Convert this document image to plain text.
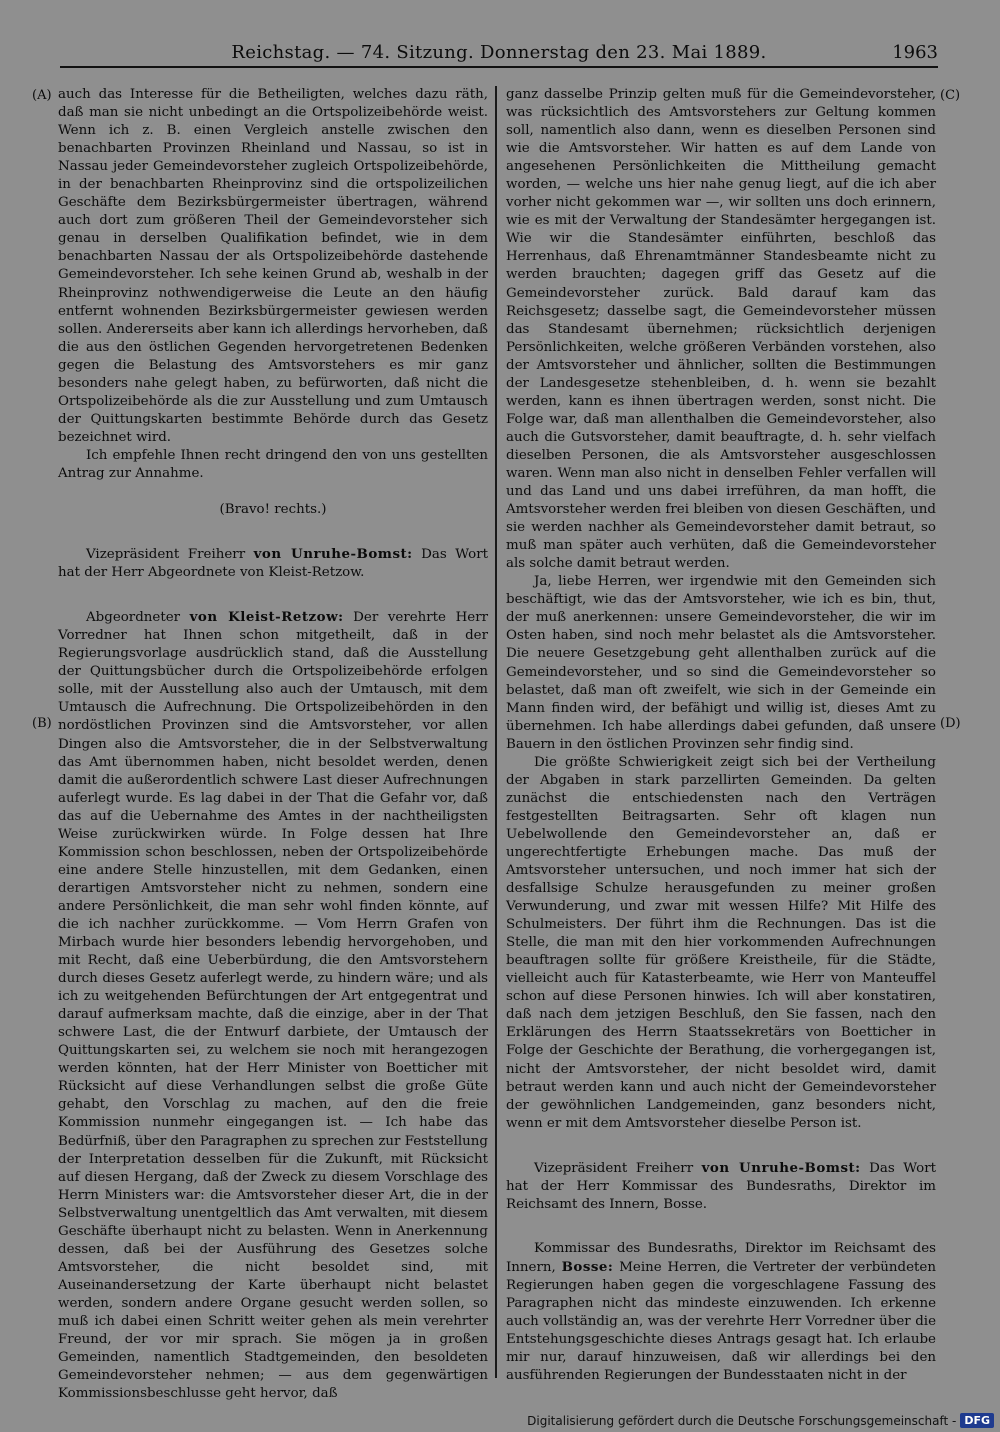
Reichstag. — 74. Sitzung. Donnerstag den 23. Mai 1889.	1963
(A)
(B)
(C)
(D)

auch das Interesse für die Betheiligten, welches dazu räth, daß man sie nicht unbedingt an die Ortspolizeibehörde weist. Wenn ich z. B. einen Vergleich anstelle zwischen den benachbarten Provinzen Rheinland und Nassau, so ist in Nassau jeder Gemeindevorsteher zugleich Ortspolizeibehörde, in der benachbarten Rheinprovinz sind die ortspolizeilichen Geschäfte dem Bezirksbürgermeister übertragen, während auch dort zum größeren Theil der Gemeindevorsteher sich genau in derselben Qualifikation befindet, wie in dem benachbarten Nassau der als Ortspolizeibehörde dastehende Gemeindevorsteher. Ich sehe keinen Grund ab, weshalb in der Rheinprovinz nothwendigerweise die Leute an den häufig entfernt wohnenden Bezirksbürgermeister gewiesen werden sollen. Andererseits aber kann ich allerdings hervorheben, daß die aus den östlichen Gegenden hervorgetretenen Bedenken gegen die Belastung des Amtsvorstehers es mir ganz besonders nahe gelegt haben, zu befürworten, daß nicht die Ortspolizeibehörde als die zur Ausstellung und zum Umtausch der Quittungskarten bestimmte Behörde durch das Gesetz bezeichnet wird.

Ich empfehle Ihnen recht dringend den von uns gestellten Antrag zur Annahme.

(Bravo! rechts.)

Vizepräsident Freiherr von Unruhe-Bomst: Das Wort hat der Herr Abgeordnete von Kleist-Retzow.

Abgeordneter von Kleist-Retzow: Der verehrte Herr Vorredner hat Ihnen schon mitgetheilt, daß in der Regierungsvorlage ausdrücklich stand, daß die Ausstellung der Quittungsbücher durch die Ortspolizeibehörde erfolgen solle, mit der Ausstellung also auch der Umtausch, mit dem Umtausch die Aufrechnung. Die Ortspolizeibehörden in den nordöstlichen Provinzen sind die Amtsvorsteher, vor allen Dingen also die Amtsvorsteher, die in der Selbstverwaltung das Amt übernommen haben, nicht besoldet werden, denen damit die außerordentlich schwere Last dieser Aufrechnungen auferlegt wurde. Es lag dabei in der That die Gefahr vor, daß das auf die Uebernahme des Amtes in der nachtheiligsten Weise zurückwirken würde. In Folge dessen hat Ihre Kommission schon beschlossen, neben der Ortspolizeibehörde eine andere Stelle hinzustellen, mit dem Gedanken, einen derartigen Amtsvorsteher nicht zu nehmen, sondern eine andere Persönlichkeit, die man sehr wohl finden könnte, auf die ich nachher zurückkomme. — Vom Herrn Grafen von Mirbach wurde hier besonders lebendig hervorgehoben, und mit Recht, daß eine Ueberbürdung, die den Amtsvorstehern durch dieses Gesetz auferlegt werde, zu hindern wäre; und als ich zu weitgehenden Befürchtungen der Art entgegentrat und darauf aufmerksam machte, daß die einzige, aber in der That schwere Last, die der Entwurf darbiete, der Umtausch der Quittungskarten sei, zu welchem sie noch mit herangezogen werden könnten, hat der Herr Minister von Boetticher mit Rücksicht auf diese Verhandlungen selbst die große Güte gehabt, den Vorschlag zu machen, auf den die freie Kommission nunmehr eingegangen ist. — Ich habe das Bedürfniß, über den Paragraphen zu sprechen zur Feststellung der Interpretation desselben für die Zukunft, mit Rücksicht auf diesen Hergang, daß der Zweck zu diesem Vorschlage des Herrn Ministers war: die Amtsvorsteher dieser Art, die in der Selbstverwaltung unentgeltlich das Amt verwalten, mit diesem Geschäfte überhaupt nicht zu belasten. Wenn in Anerkennung dessen, daß bei der Ausführung des Gesetzes solche Amtsvorsteher, die nicht besoldet sind, mit Auseinandersetzung der Karte überhaupt nicht belastet werden, sondern andere Organe gesucht werden sollen, so muß ich dabei einen Schritt weiter gehen als mein verehrter Freund, der vor mir sprach. Sie mögen ja in großen Gemeinden, namentlich Stadtgemeinden, den besoldeten Gemeindevorsteher nehmen; — aus dem gegenwärtigen Kommissionsbeschlusse geht hervor, daß

ganz dasselbe Prinzip gelten muß für die Gemeindevorsteher, was rücksichtlich des Amtsvorstehers zur Geltung kommen soll, namentlich also dann, wenn es dieselben Personen sind wie die Amtsvorsteher. Wir hatten es auf dem Lande von angesehenen Persönlichkeiten die Mittheilung gemacht worden, — welche uns hier nahe genug liegt, auf die ich aber vorher nicht gekommen war —, wir sollten uns doch erinnern, wie es mit der Verwaltung der Standesämter hergegangen ist. Wie wir die Standesämter einführten, beschloß das Herrenhaus, daß Ehrenamtmänner Standesbeamte nicht zu werden brauchten; dagegen griff das Gesetz auf die Gemeindevorsteher zurück. Bald darauf kam das Reichsgesetz; dasselbe sagt, die Gemeindevorsteher müssen das Standesamt übernehmen; rücksichtlich derjenigen Persönlichkeiten, welche größeren Verbänden vorstehen, also der Amtsvorsteher und ähnlicher, sollten die Bestimmungen der Landesgesetze stehenbleiben, d. h. wenn sie bezahlt werden, kann es ihnen übertragen werden, sonst nicht. Die Folge war, daß man allenthalben die Gemeindevorsteher, also auch die Gutsvorsteher, damit beauftragte, d. h. sehr vielfach dieselben Personen, die als Amtsvorsteher ausgeschlossen waren. Wenn man also nicht in denselben Fehler verfallen will und das Land und uns dabei irreführen, da man hofft, die Amtsvorsteher werden frei bleiben von diesen Geschäften, und sie werden nachher als Gemeindevorsteher damit betraut, so muß man später auch verhüten, daß die Gemeindevorsteher als solche damit betraut werden.

Ja, liebe Herren, wer irgendwie mit den Gemeinden sich beschäftigt, wie das der Amtsvorsteher, wie ich es bin, thut, der muß anerkennen: unsere Gemeindevorsteher, die wir im Osten haben, sind noch mehr belastet als die Amtsvorsteher. Die neuere Gesetzgebung geht allenthalben zurück auf die Gemeindevorsteher, und so sind die Gemeindevorsteher so belastet, daß man oft zweifelt, wie sich in der Gemeinde ein Mann finden wird, der befähigt und willig ist, dieses Amt zu übernehmen. Ich habe allerdings dabei gefunden, daß unsere Bauern in den östlichen Provinzen sehr findig sind.

Die größte Schwierigkeit zeigt sich bei der Vertheilung der Abgaben in stark parzellirten Gemeinden. Da gelten zunächst die entschiedensten nach den Verträgen festgestellten Beitragsarten. Sehr oft klagen nun Uebelwollende den Gemeindevorsteher an, daß er ungerechtfertigte Erhebungen mache. Das muß der Amtsvorsteher untersuchen, und noch immer hat sich der desfallsige Schulze herausgefunden zu meiner großen Verwunderung, und zwar mit wessen Hilfe? Mit Hilfe des Schulmeisters. Der führt ihm die Rechnungen. Das ist die Stelle, die man mit den hier vorkommenden Aufrechnungen beauftragen sollte für größere Kreistheile, für die Städte, vielleicht auch für Katasterbeamte, wie Herr von Manteuffel schon auf diese Personen hinwies. Ich will aber konstatiren, daß nach dem jetzigen Beschluß, den Sie fassen, nach den Erklärungen des Herrn Staatssekretärs von Boetticher in Folge der Geschichte der Berathung, die vorhergegangen ist, nicht der Amtsvorsteher, der nicht besoldet wird, damit betraut werden kann und auch nicht der Gemeindevorsteher der gewöhnlichen Landgemeinden, ganz besonders nicht, wenn er mit dem Amtsvorsteher dieselbe Person ist.

Vizepräsident Freiherr von Unruhe-Bomst: Das Wort hat der Herr Kommissar des Bundesraths, Direktor im Reichsamt des Innern, Bosse.

Kommissar des Bundesraths, Direktor im Reichsamt des Innern, Bosse: Meine Herren, die Vertreter der verbündeten Regierungen haben gegen die vorgeschlagene Fassung des Paragraphen nicht das mindeste einzuwenden. Ich erkenne auch vollständig an, was der verehrte Herr Vorredner über die Entstehungsgeschichte dieses Antrags gesagt hat. Ich erlaube mir nur, darauf hinzuweisen, daß wir allerdings bei den ausführenden Regierungen der Bundesstaaten nicht in der

Digitalisierung gefördert durch die Deutsche Forschungsgemeinschaft - DFG
